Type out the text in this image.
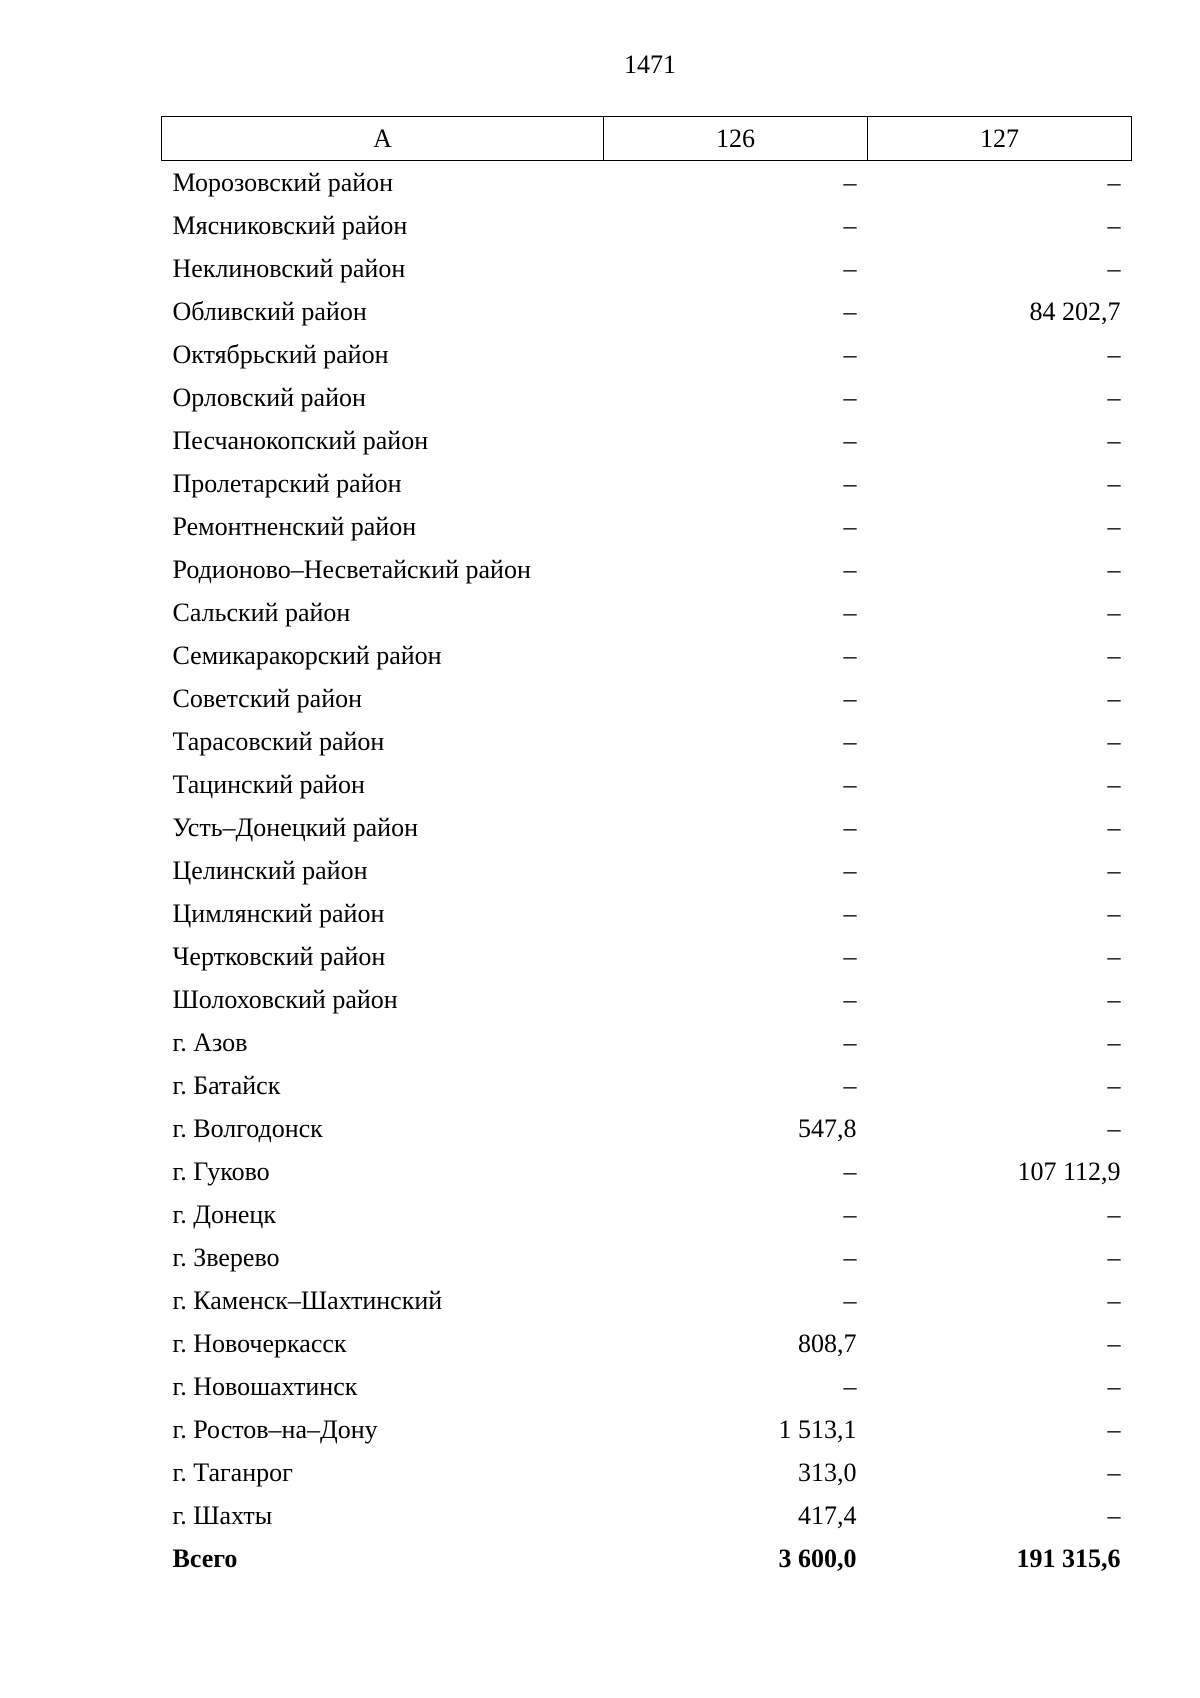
1471
А	126	127
Морозовский район	–	–
Мясниковский район	–	–
Неклиновский район	–	–
Обливский район	–	84 202,7
Октябрьский район	–	–
Орловский район	–	–
Песчанокопский район	–	–
Пролетарский район	–	–
Ремонтненский район	–	–
Родионово–Несветайский район	–	–
Сальский район	–	–
Семикаракорский район	–	–
Советский район	–	–
Тарасовский район	–	–
Тацинский район	–	–
Усть–Донецкий район	–	–
Целинский район	–	–
Цимлянский район	–	–
Чертковский район	–	–
Шолоховский район	–	–
г. Азов	–	–
г. Батайск	–	–
г. Волгодонск	547,8	–
г. Гуково	–	107 112,9
г. Донецк	–	–
г. Зверево	–	–
г. Каменск–Шахтинский	–	–
г. Новочеркасск	808,7	–
г. Новошахтинск	–	–
г. Ростов–на–Дону	1 513,1	–
г. Таганрог	313,0	–
г. Шахты	417,4	–
Всего	3 600,0	191 315,6
